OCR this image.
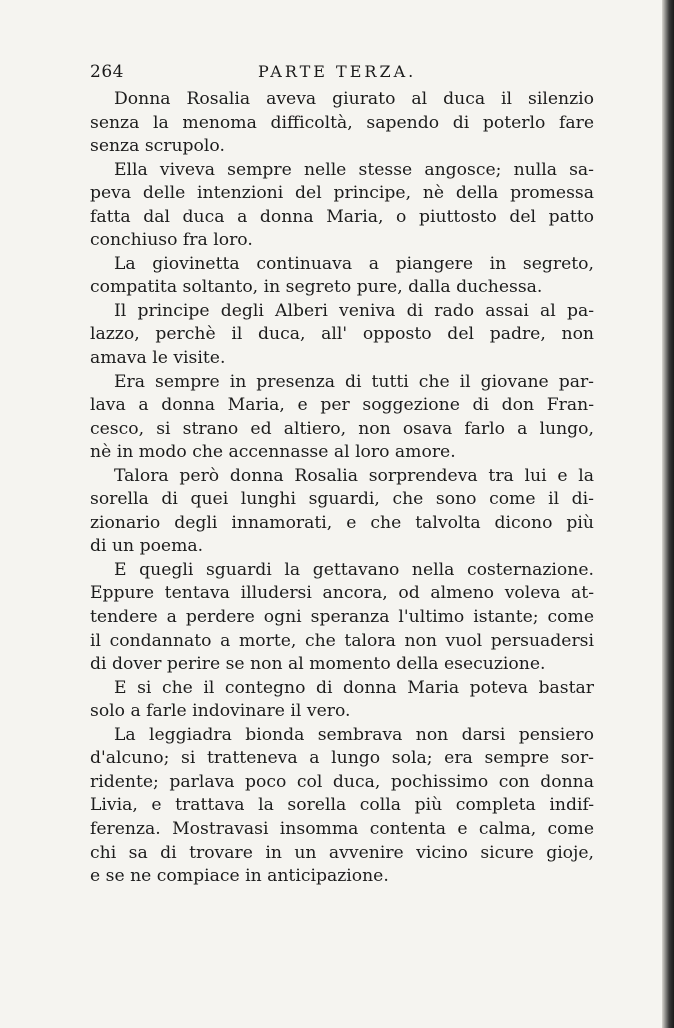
264	PARTE TERZA.

Donna Rosalia aveva giurato al duca il silenzio
senza la menoma difficoltà, sapendo di poterlo fare
senza scrupolo.

Ella viveva sempre nelle stesse angosce; nulla sa-
peva delle intenzioni del principe, nè della promessa
fatta dal duca a donna Maria, o piuttosto del patto
conchiuso fra loro.

La giovinetta continuava a piangere in segreto,
compatita soltanto, in segreto pure, dalla duchessa.

Il principe degli Alberi veniva di rado assai al pa-
lazzo, perchè il duca, all' opposto del padre, non
amava le visite.

Era sempre in presenza di tutti che il giovane par-
lava a donna Maria, e per soggezione di don Fran-
cesco, si strano ed altiero, non osava farlo a lungo,
nè in modo che accennasse al loro amore.

Talora però donna Rosalia sorprendeva tra lui e la
sorella di quei lunghi sguardi, che sono come il di-
zionario degli innamorati, e che talvolta dicono più
di un poema.

E quegli sguardi la gettavano nella costernazione.
Eppure tentava illudersi ancora, od almeno voleva at-
tendere a perdere ogni speranza l'ultimo istante; come
il condannato a morte, che talora non vuol persuadersi
di dover perire se non al momento della esecuzione.

E si che il contegno di donna Maria poteva bastar
solo a farle indovinare il vero.

La leggiadra bionda sembrava non darsi pensiero
d'alcuno; si tratteneva a lungo sola; era sempre sor-
ridente; parlava poco col duca, pochissimo con donna
Livia, e trattava la sorella colla più completa indif-
ferenza. Mostravasi insomma contenta e calma, come
chi sa di trovare in un avvenire vicino sicure gioje,
e se ne compiace in anticipazione.
